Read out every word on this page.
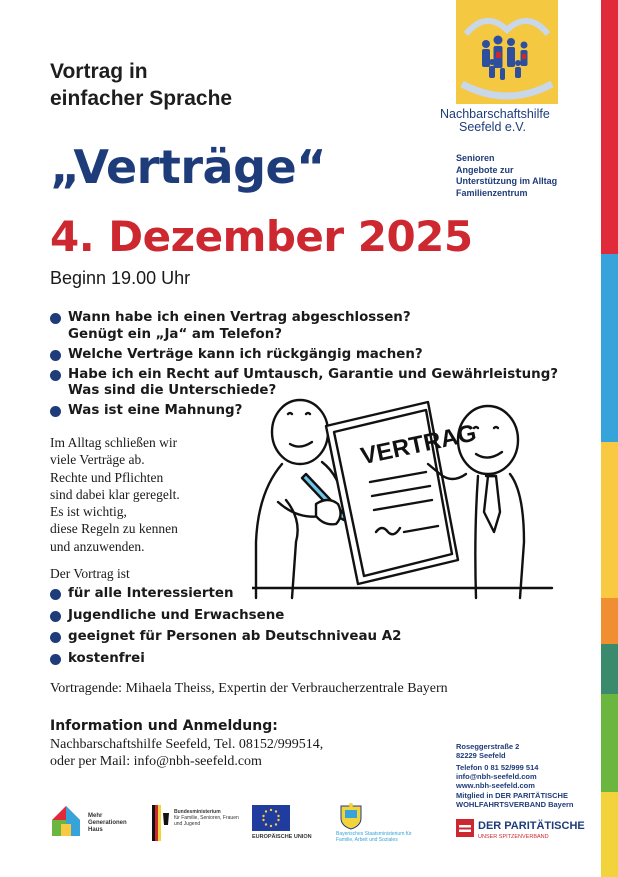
Nachbarschaftshilfe
Seefeld e.V.
Senioren
Angebote zur
Unterstützung im Alltag
Familienzentrum
Vortrag in
einfacher Sprache
„Verträge“
4. Dezember 2025
Beginn 19.00 Uhr
Wann habe ich einen Vertrag abgeschlossen?
Genügt ein „Ja“ am Telefon?
Welche Verträge kann ich rückgängig machen?
Habe ich ein Recht auf Umtausch, Garantie und Gewährleistung?
Was sind die Unterschiede?
Was ist eine Mahnung?
Im Alltag schließen wir
viele Verträge ab.
Rechte und Pflichten
sind dabei klar geregelt.
Es ist wichtig,
diese Regeln zu kennen
und anzuwenden.
VERTRAG
Der Vortrag ist
für alle Interessierten
Jugendliche und Erwachsene
geeignet für Personen ab Deutschniveau A2
kostenfrei
Vortragende: Mihaela Theiss, Expertin der Verbraucherzentrale Bayern
Information und Anmeldung:
Nachbarschaftshilfe Seefeld, Tel. 08152/999514,
oder per Mail: info@nbh-seefeld.com
Roseggerstraße 2
82229 Seefeld
Telefon 0 81 52/999 514
info@nbh-seefeld.com
www.nbh-seefeld.com
Mitglied in DER PARITÄTISCHE
WOHLFAHRTSVERBAND Bayern
DER PARITÄTISCHE
UNSER SPITZENVERBAND
Mehr
Generationen
Haus
Bundesministerium
für Familie, Senioren, Frauen
und Jugend
EUROPÄISCHE UNION	Bayerisches Staatsministerium für
Familie, Arbeit und Soziales
